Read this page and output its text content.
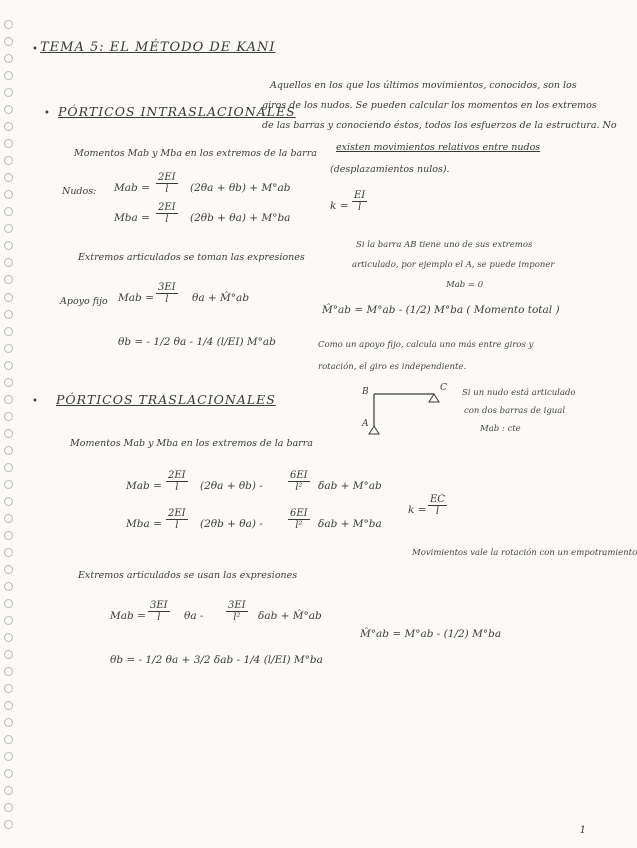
• TEMA 5: EL MÉTODO DE KANI
Aquellos en los que los últimos movimientos, conocidos, son los
giros de los nudos. Se pueden calcular los momentos en los extremos
de las barras y conociendo éstos, todos los esfuerzos de la estructura. No
existen movimientos relativos entre nudos
(desplazamientos nulos).
• PÓRTICOS INTRASLACIONALES
Momentos Mab y Mba en los extremos de la barra
Nudos: Mab = $\frac{2EI}{l} (2\theta a + \theta b) + M^\circ ab$
Mba = $\frac{2EI}{l} (2\theta b + \theta a) + M^\circ ba$
$k = \frac{EI}{l}$
Extremos articulados se toman las expresiones
Si la barra AB tiene uno de sus extremos
articulado, por ejemplo el A, se puede imponer
Mab = 0
Apoyo fijo Mab = $\frac{3EI}{l}$ θa + M̂°ab
M̂°ab = M°ab - (1/2) M°ba ( Momento total )
θb = - 1/2 θa - 1/4 (l/EI) M°ab	Como un apoyo fijo, calcula uno más entre giros y
rotación, el giro es independiente.
• PÓRTICOS TRASLACIONALES	B
A
C Si un nudo está articulado
con dos barras de igual
Mab : cte
Momentos Mab y Mba en los extremos de la barra
Mab = $\frac{2EI}{l} (2\theta a + \theta b)$ -	$\frac{6EI}{\text{l²}}$ δab + M°ab
Mba = $\frac{2EI}{l} (2\theta b + \theta a)$ -	$\frac{6EI}{\text{l²}}$ δab + M°ba
$k = \frac{EC}{l}$
Movimientos vale la rotación con un empotramiento
Extremos articulados se usan las expresiones
Mab = $\frac{3EI}{l}$ θa - $\frac{3EI}{\text{l²}}$ δab + M̂°ab
M̂°ab = M°ab - (1/2) M°ba
θb = - 1/2 θa + 3/2 δab - 1/4 (l/EI) M°ba
1
